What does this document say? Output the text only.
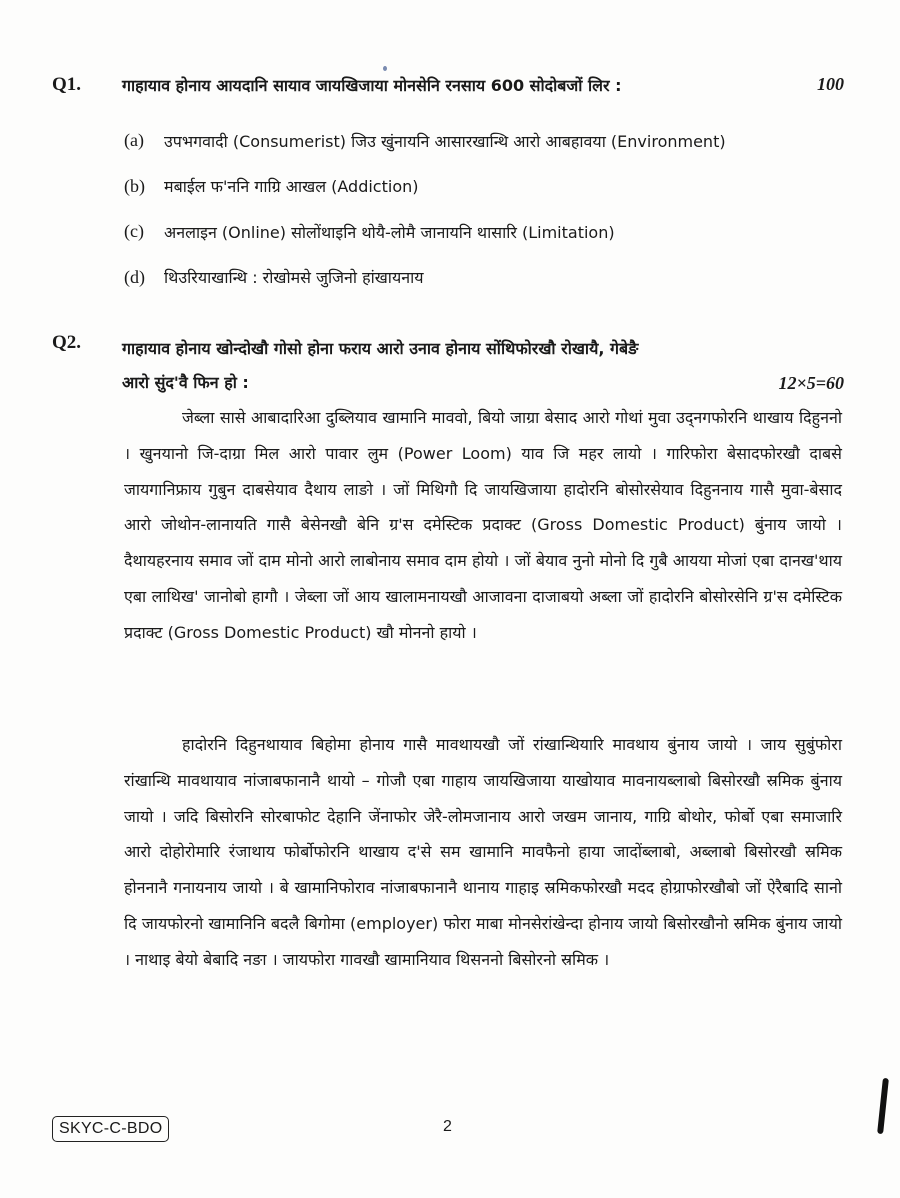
Q1.	गाहायाव होनाय आयदानि सायाव जायखिजाया मोनसेनि रनसाय 600 सोदोबजों लिर :	100
(a)	उपभगवादी (Consumerist) जिउ खुंनायनि आसारखान्थि आरो आबहावया (Environment)
(b)	मबाईल फ'ननि गाग्रि आखल (Addiction)
(c)	अनलाइन (Online) सोलोंथाइनि थोयै-लोमै जानायनि थासारि (Limitation)
(d)	थिउरियाखान्थि : रोखोमसे जुजिनो हांखायनाय
Q2.	गाहायाव होनाय खोन्दोखौ गोसो होना फराय आरो उनाव होनाय सोंथिफोरखौ रोखायै, गेबेङै
आरो सुंद'वै फिन हो :	12×5=60

जेब्ला सासे आबादारिआ दुब्लियाव खामानि माववो, बियो जाग्रा बेसाद आरो गोथां मुवा उद्नगफोरनि थाखाय दिहुननो । खुनयानो जि-दाग्रा मिल आरो पावार लुम (Power Loom) याव जि महर लायो । गारिफोरा बेसादफोरखौ दाबसे जायगानिफ्राय गुबुन दाबसेयाव दैथाय लाङो । जों मिथिगौ दि जायखिजाया हादोरनि बोसोरसेयाव दिहुननाय गासै मुवा-बेसाद आरो जोथोन-लानायति गासै बेसेनखौ बेनि ग्र'स दमेस्टिक प्रदाक्ट (Gross Domestic Product) बुंनाय जायो । दैथायहरनाय समाव जों दाम मोनो आरो लाबोनाय समाव दाम होयो । जों बेयाव नुनो मोनो दि गुबै आयया मोजां एबा दानख'थाय एबा लाथिख' जानोबो हागौ । जेब्ला जों आय खालामनायखौ आजावना दाजाबयो अब्ला जों हादोरनि बोसोरसेनि ग्र'स दमेस्टिक प्रदाक्ट (Gross Domestic Product) खौ मोननो हायो ।

हादोरनि दिहुनथायाव बिहोमा होनाय गासै मावथायखौ जों रांखान्थियारि मावथाय बुंनाय जायो । जाय सुबुंफोरा रांखान्थि मावथायाव नांजाबफानानै थायो – गोजौ एबा गाहाय जायखिजाया याखोयाव मावनायब्लाबो बिसोरखौ स्रमिक बुंनाय जायो । जदि बिसोरनि सोरबाफोट देहानि जेंनाफोर जेरै-लोमजानाय आरो जखम जानाय, गाग्रि बोथोर, फोर्बो एबा समाजारि आरो दोहोरोमारि रंजाथाय फोर्बोफोरनि थाखाय द'से सम खामानि मावफैनो हाया जादोंब्लाबो, अब्लाबो बिसोरखौ स्रमिक होननानै गनायनाय जायो । बे खामानिफोराव नांजाबफानानै थानाय गाहाइ स्रमिकफोरखौ मदद होग्राफोरखौबो जों ऐरैबादि सानो दि जायफोरनो खामानिनि बदलै बिगोमा (employer) फोरा माबा मोनसेरांखेन्दा होनाय जायो बिसोरखौनो स्रमिक बुंनाय जायो । नाथाइ बेयो बेबादि नङा । जायफोरा गावखौ खामानियाव थिसननो बिसोरनो स्रमिक ।

SKYC-C-BDO	2
